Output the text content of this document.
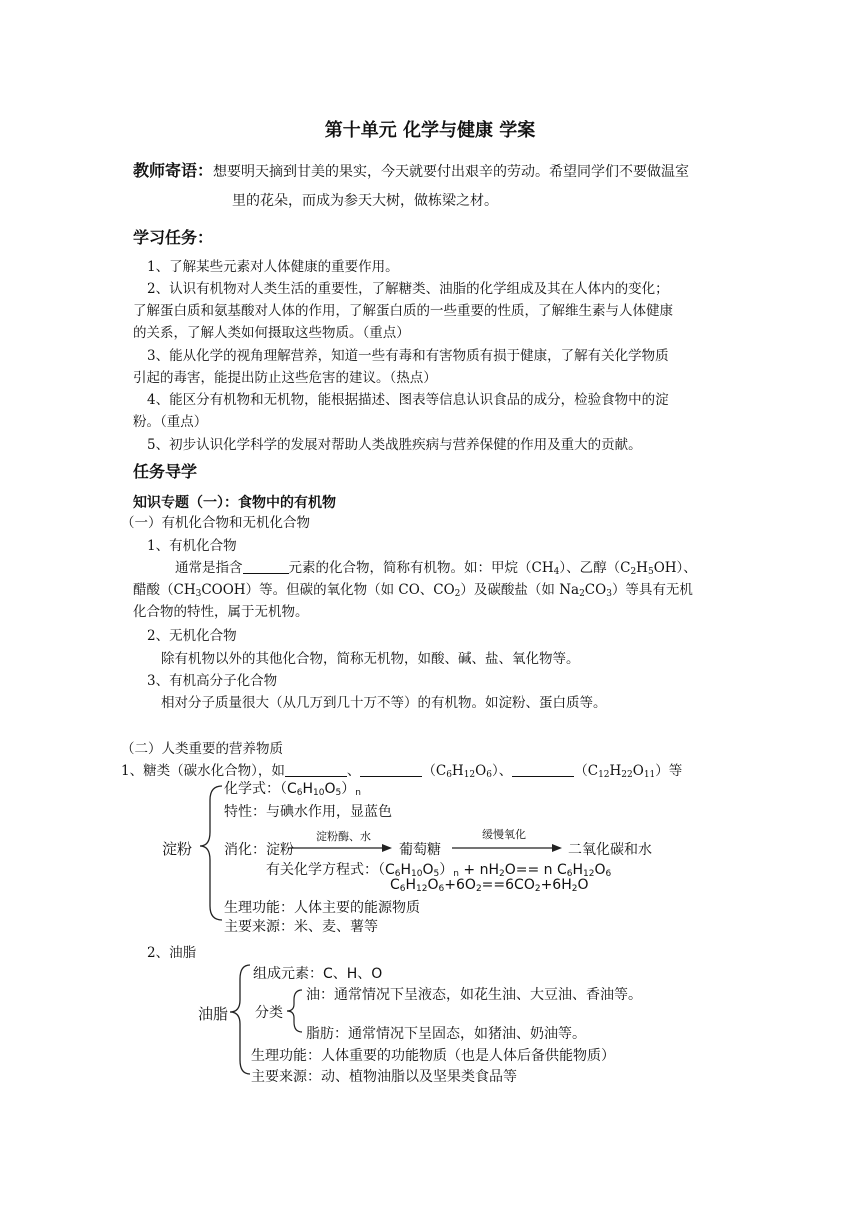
第十单元 化学与健康 学案
教师寄语：想要明天摘到甘美的果实，今天就要付出艰辛的劳动。希望同学们不要做温室
里的花朵，而成为参天大树，做栋梁之材。
学习任务：
1、了解某些元素对人体健康的重要作用。
2、认识有机物对人类生活的重要性，了解糖类、油脂的化学组成及其在人体内的变化；
了解蛋白质和氨基酸对人体的作用，了解蛋白质的一些重要的性质，了解维生素与人体健康
的关系，了解人类如何摄取这些物质。（重点）
3、能从化学的视角理解营养，知道一些有毒和有害物质有损于健康，了解有关化学物质
引起的毒害，能提出防止这些危害的建议。（热点）
4、能区分有机物和无机物，能根据描述、图表等信息认识食品的成分，检验食物中的淀
粉。（重点）
5、初步认识化学科学的发展对帮助人类战胜疾病与营养保健的作用及重大的贡献。
任务导学
知识专题（一）：食物中的有机物
（一）有机化合物和无机化合物
1、有机化合物
通常是指含	元素的化合物，简称有机物。如：甲烷$(CH_4)$、乙醇$(C_2H_5OH)$、
醋酸$(CH_3COOH)$等。但碳的氧化物（如 CO、$CO_2$）及碳酸盐（如 $Na_2CO_3$）等具有无机
化合物的特性，属于无机物。
2、无机化合物
除有机物以外的其他化合物，简称无机物，如酸、碱、盐、氧化物等。
3、有机高分子化合物
相对分子质量很大（从几万到几十万不等）的有机物。如淀粉、蛋白质等。
（二）人类重要的营养物质
1、糖类（碳水化合物），如	、	$(C_6H_{12}O_6)$、	$(C_{12}H_{22}O_{11})$等
淀粉
化学式：$(C_6H_{10}O_5)_n$
特性：与碘水作用，显蓝色
消化：淀粉
淀粉酶、水
葡萄糖
缓慢氧化
二氧化碳和水
有关化学方程式：$(C_6H_{10}O_5)_n + nH_2O== n$ $C_6H_{12}O_6$
$C_6H_{12}O_6+6O_2==6CO_2+6H_2O$
生理功能：人体主要的能源物质
主要来源：米、麦、薯等
2、油脂
油脂
组成元素：C、H、O
分类
油：通常情况下呈液态，如花生油、大豆油、香油等。
脂肪：通常情况下呈固态，如猪油、奶油等。
生理功能：人体重要的功能物质（也是人体后备供能物质）
主要来源：动、植物油脂以及坚果类食品等
